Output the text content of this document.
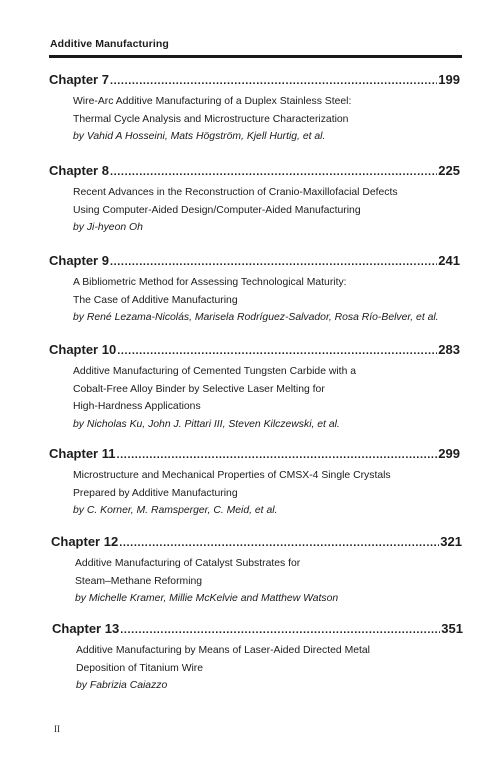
Additive Manufacturing
Chapter 7 .....	199
Wire-Arc Additive Manufacturing of a Duplex Stainless Steel:
Thermal Cycle Analysis and Microstructure Characterization
by Vahid A Hosseini, Mats Högström, Kjell Hurtig, et al.
Chapter 8 .....	225
Recent Advances in the Reconstruction of Cranio-Maxillofacial Defects
Using Computer-Aided Design/Computer-Aided Manufacturing
by Ji-hyeon Oh
Chapter 9 .....	241
A Bibliometric Method for Assessing Technological Maturity:
The Case of Additive Manufacturing
by René Lezama-Nicolás, Marisela Rodríguez-Salvador, Rosa Río-Belver, et al.
Chapter 10 .....	283
Additive Manufacturing of Cemented Tungsten Carbide with a
Cobalt-Free Alloy Binder by Selective Laser Melting for
High-Hardness Applications
by Nicholas Ku, John J. Pittari III, Steven Kilczewski, et al.
Chapter 11 .....	299
Microstructure and Mechanical Properties of CMSX-4 Single Crystals
Prepared by Additive Manufacturing
by C. Korner, M. Ramsperger, C. Meid, et al.
Chapter 12 .....	321
Additive Manufacturing of Catalyst Substrates for
Steam–Methane Reforming
by Michelle Kramer, Millie McKelvie and Matthew Watson
Chapter 13 .....	351
Additive Manufacturing by Means of Laser-Aided Directed Metal
Deposition of Titanium Wire
by Fabrizia Caiazzo
II
